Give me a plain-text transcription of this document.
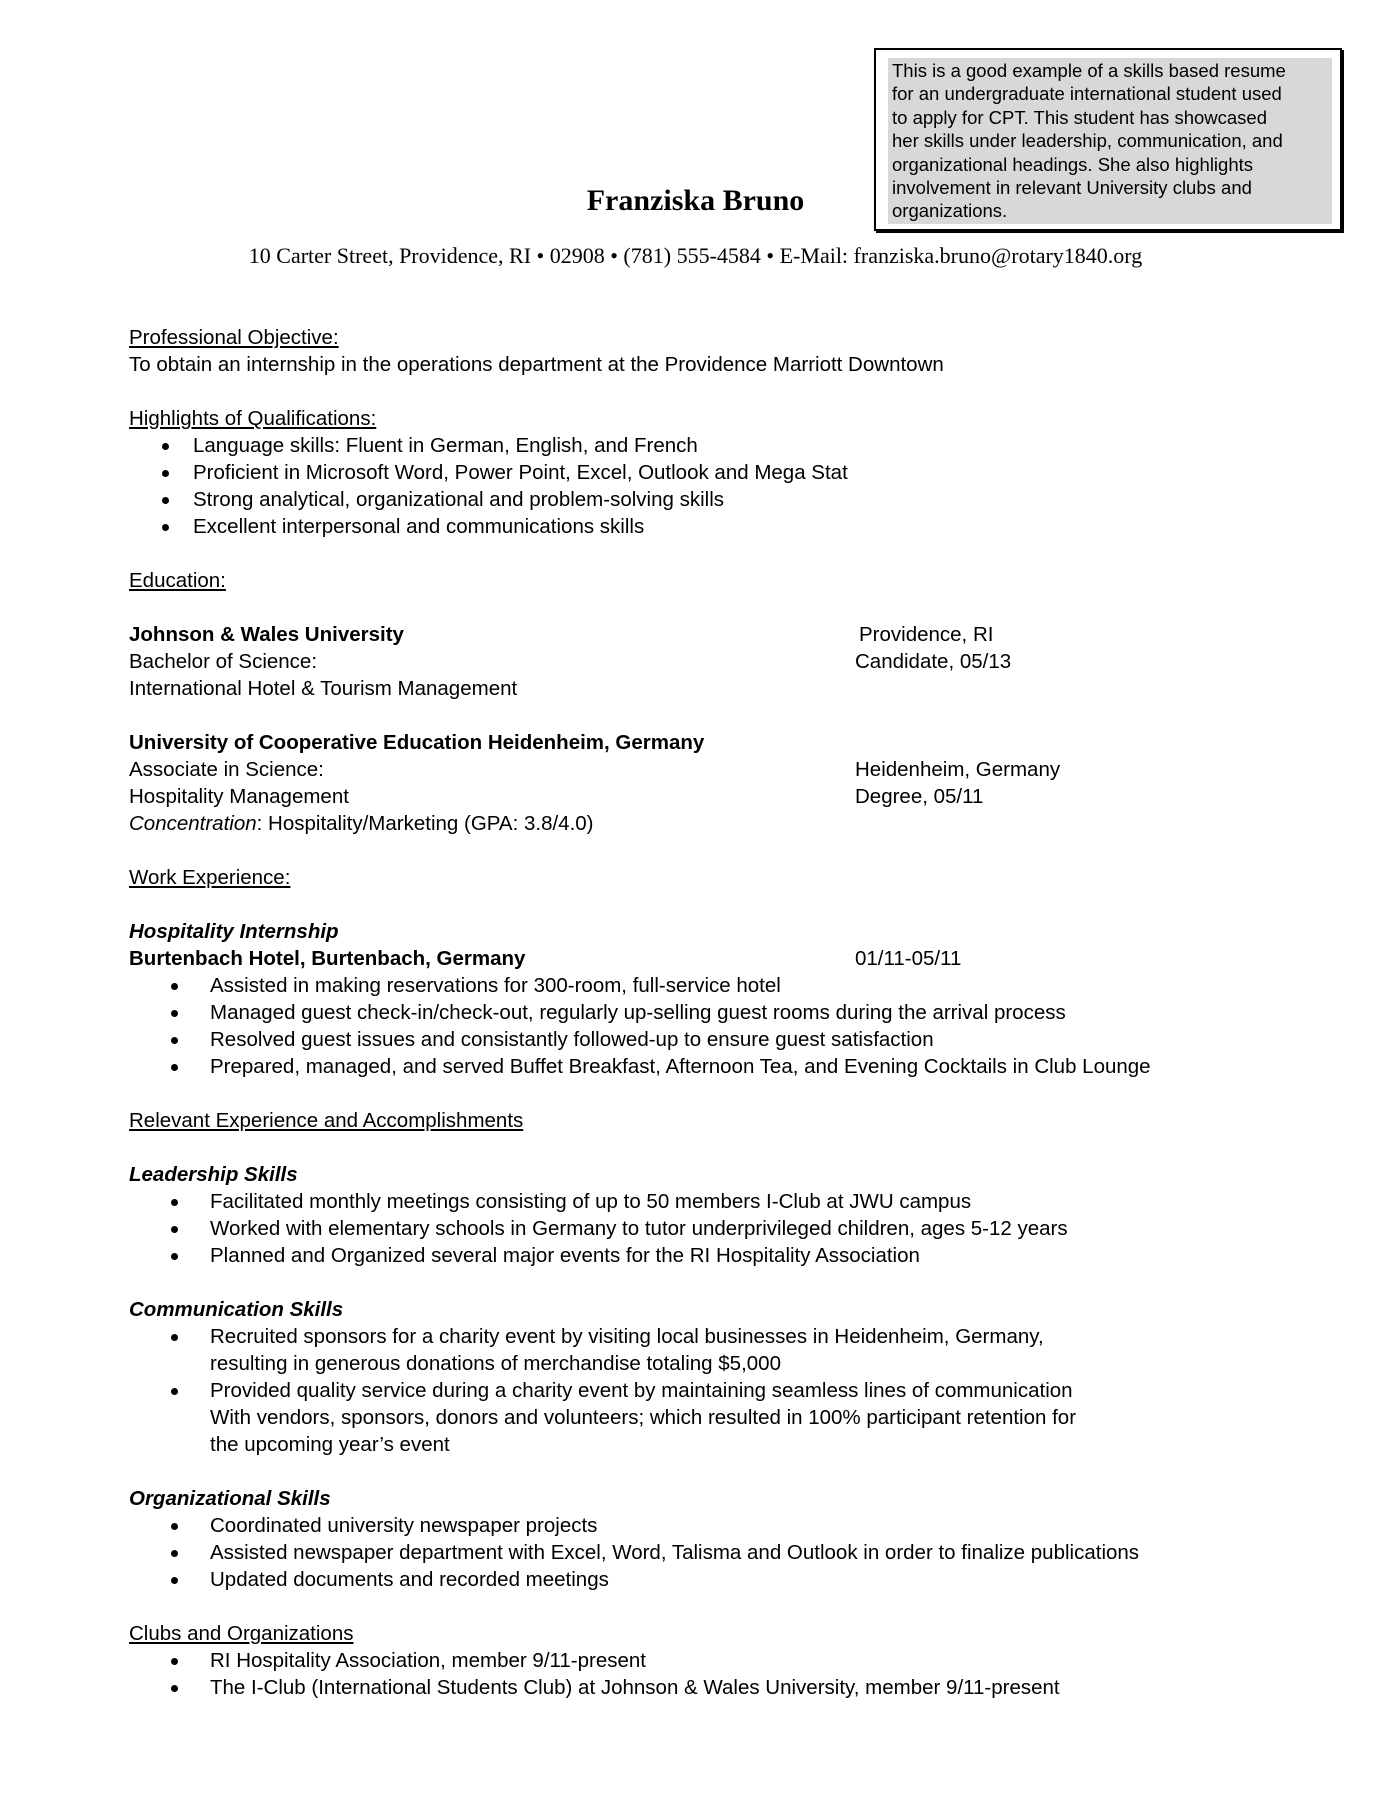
This is a good example of a skills based resume
for an undergraduate international student used
to apply for CPT. This student has showcased
her skills under leadership, communication, and
organizational headings. She also highlights
involvement in relevant University clubs and
organizations.
Franziska Bruno
10 Carter Street, Providence, RI • 02908 • (781) 555-4584 • E-Mail: franziska.bruno@rotary1840.org
Professional Objective:
To obtain an internship in the operations department at the Providence Marriott Downtown
Highlights of Qualifications:
Language skills: Fluent in German, English, and French
Proficient in Microsoft Word, Power Point, Excel, Outlook and Mega Stat
Strong analytical, organizational and problem-solving skills
Excellent interpersonal and communications skills
Education:
Johnson & Wales University	Providence, RI
Bachelor of Science:	Candidate, 05/13
International Hotel & Tourism Management
University of Cooperative Education Heidenheim, Germany
Associate in Science:	Heidenheim, Germany
Hospitality Management	Degree, 05/11
Concentration: Hospitality/Marketing (GPA: 3.8/4.0)
Work Experience:
Hospitality Internship
Burtenbach Hotel, Burtenbach, Germany	01/11-05/11
Assisted in making reservations for 300-room, full-service hotel
Managed guest check-in/check-out, regularly up-selling guest rooms during the arrival process
Resolved guest issues and consistantly followed-up to ensure guest satisfaction
Prepared, managed, and served Buffet Breakfast, Afternoon Tea, and Evening Cocktails in Club Lounge
Relevant Experience and Accomplishments
Leadership Skills
Facilitated monthly meetings consisting of up to 50 members I-Club at JWU campus
Worked with elementary schools in Germany to tutor underprivileged children, ages 5-12 years
Planned and Organized several major events for the RI Hospitality Association
Communication Skills
Recruited sponsors for a charity event by visiting local businesses in Heidenheim, Germany,
resulting in generous donations of merchandise totaling $5,000
Provided quality service during a charity event by maintaining seamless lines of communication
With vendors, sponsors, donors and volunteers; which resulted in 100% participant retention for
the upcoming year’s event
Organizational Skills
Coordinated university newspaper projects
Assisted newspaper department with Excel, Word, Talisma and Outlook in order to finalize publications
Updated documents and recorded meetings
Clubs and Organizations
RI Hospitality Association, member 9/11-present
The I-Club (International Students Club) at Johnson & Wales University, member 9/11-present
